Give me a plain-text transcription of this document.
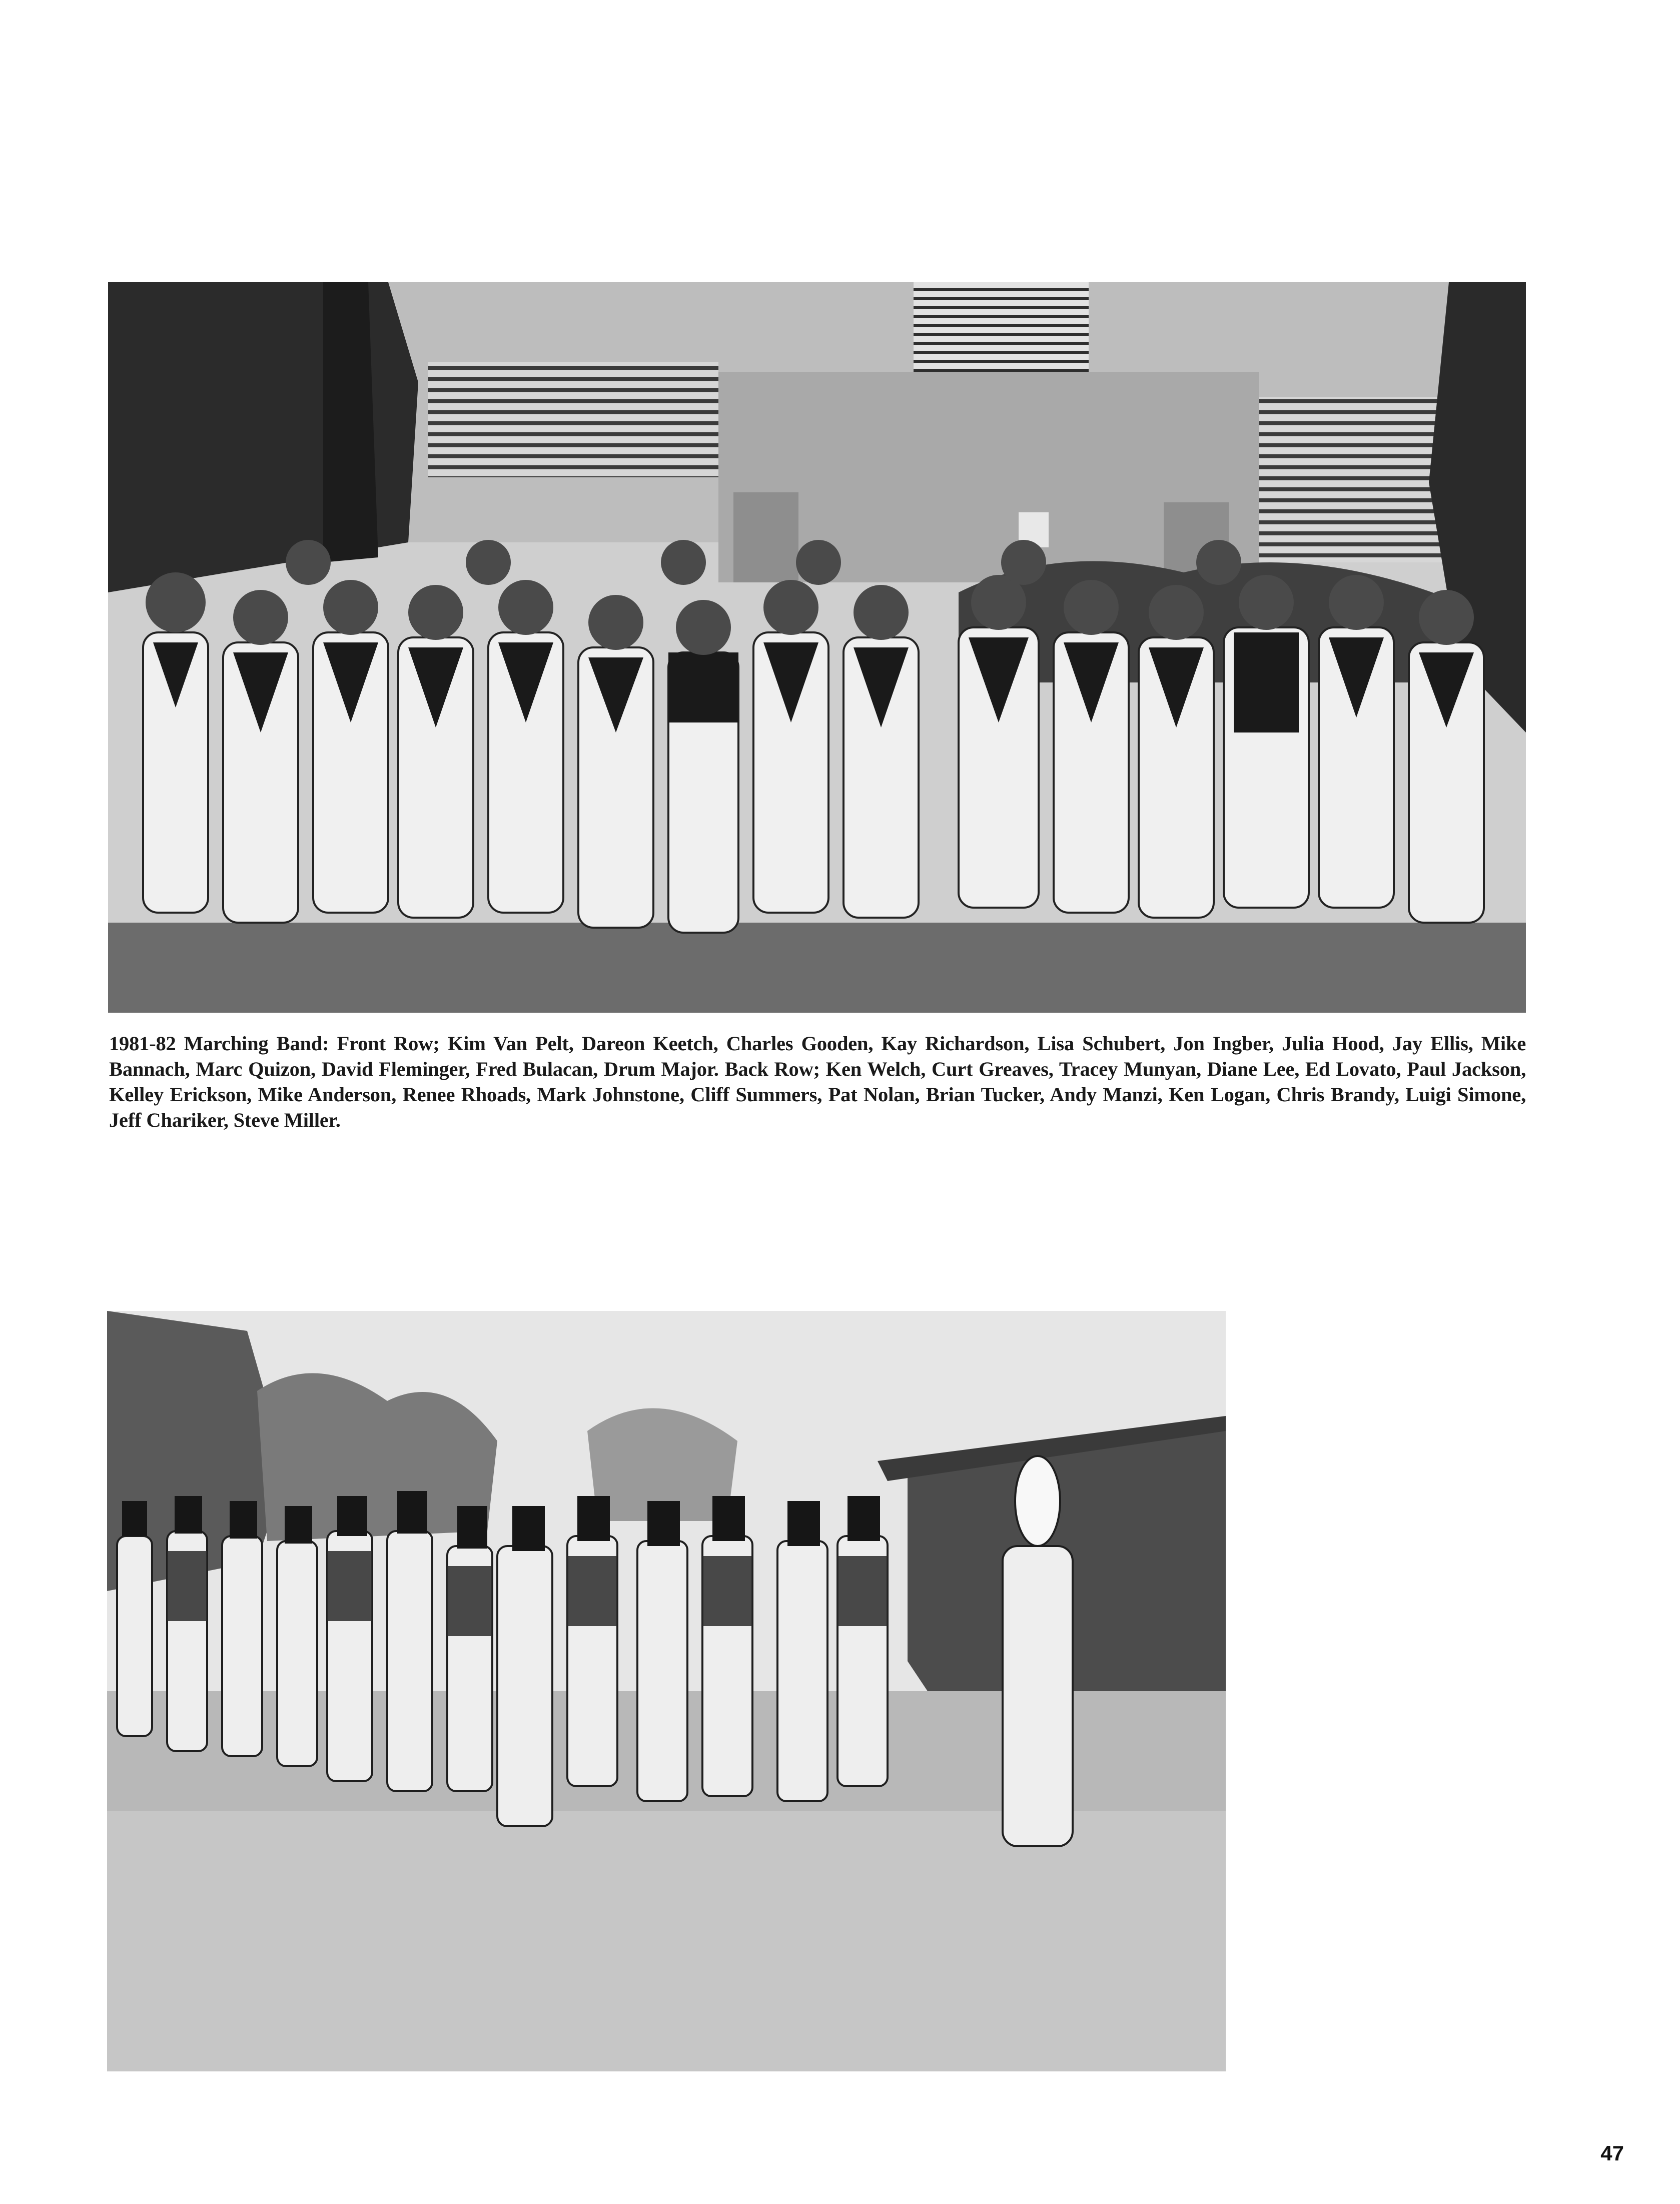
1981-82 Marching Band: Front Row; Kim Van Pelt, Dareon Keetch, Charles Gooden, Kay Richardson, Lisa Schubert, Jon Ingber, Julia Hood, Jay Ellis, Mike Bannach, Marc Quizon, David Fleminger, Fred Bulacan, Drum Major. Back Row; Ken Welch, Curt Greaves, Tracey Munyan, Diane Lee, Ed Lovato, Paul Jackson, Kelley Erickson, Mike Anderson, Renee Rhoads, Mark Johnstone, Cliff Summers, Pat Nolan, Brian Tucker, Andy Manzi, Ken Logan, Chris Brandy, Luigi Simone, Jeff Chariker, Steve Miller.
47
